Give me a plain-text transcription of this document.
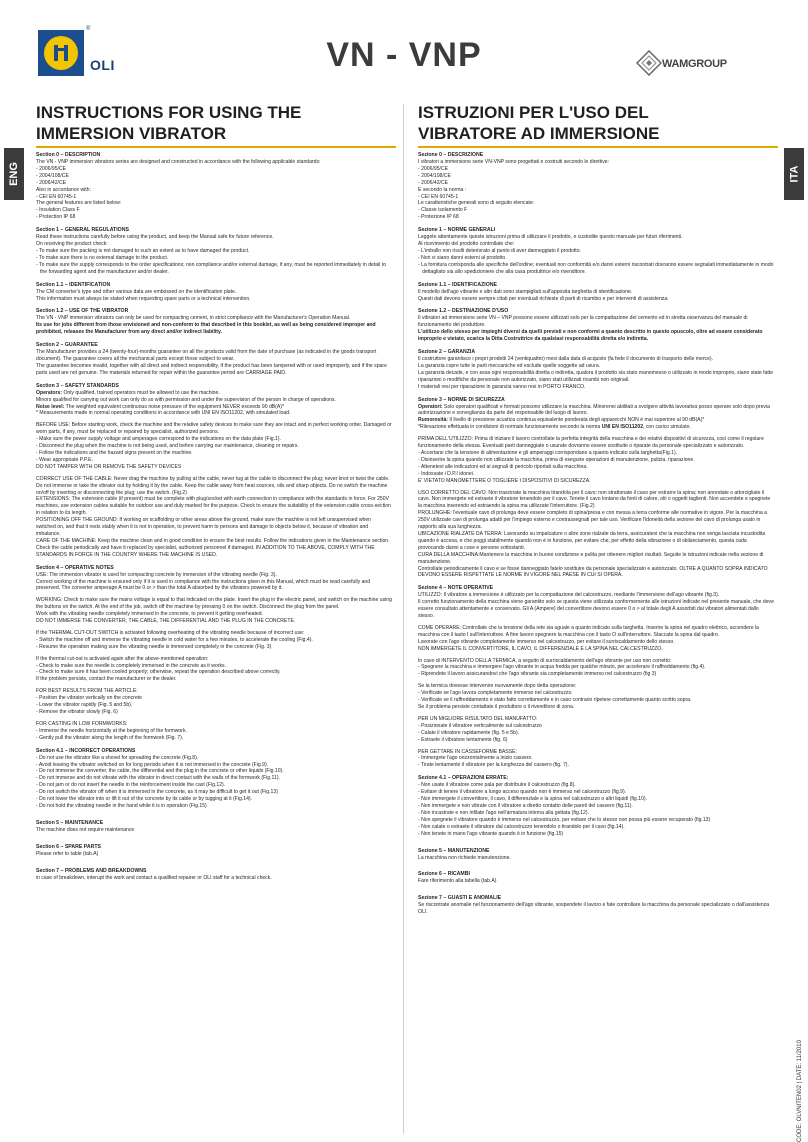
®
OLI	VN - VNP	WAMGROUP
INSTRUCTIONS FOR USING THE
IMMERSION VIBRATOR
ISTRUZIONI PER L'USO DEL
VIBRATORE AD IMMERSIONE
ENG	ITA
Section 0 – DESCRIPTION

The VN - VNP immersion vibrators series are designed and constructed in accordance with the following applicable standards:

- 2006/95/CE
- 2004/108/CE
- 2006/42/CE

Also in accordance with:

- CEI EN 60745-1

The general features are listed below:

- Insulation Class F
- Protection IP 68
Section 1 – GENERAL REGULATIONS

Read these instructions carefully before using the product, and keep the Manual safe for future reference.

On receiving the product check:

- To make sure the packing is not damaged to such an extent as to have damaged the product.
- To make sure there is no external damage to the product.
- To make sure the supply corresponds to the order specifications; non compliance and/or external damage, if any, must be reported immediately in detail to the forwarding agent and the manufacturer and/or dealer.
Section 1.1 – IDENTIFICATION

The CM converter's type and other various data are embossed on the identification plate.

This information must always be stated when requesting spare parts or a technical intervention.

Section 1.2 – USE OF THE VIBRATOR

The VN - VNP immersion vibrators can only be used for compacting cement, in strict compliance with the Manufacturer's Operation Manual.

Its use for jobs different from those envisioned and non-conform to that described in this booklet, as well as being considered improper and prohibited, releases the Manufacturer from any direct and/or indirect liability.

Section 2 – GUARANTEE

The Manufacturer provides a 24 (twenty-four)-months guarantee on all the products valid from the date of purchase (as indicated in the goods transport document). The guarantee covers all the mechanical parts except those subject to wear.

The guarantee becomes invalid, together with all direct and indirect responsibility, if the product has been tampered with or used improperly, and if the spare parts used are not genuine. The materials returned for repair within the guarantee period are CARRIAGE PAID.

Section 3 – SAFETY STANDARDS

Operators: Only qualified, trained operators must be allowed to use the machine.

Minors qualified for carrying out work can only do so with permission and under the supervision of the person in charge of operations.

Noise level: The weighted equivalent continuous noise pressure of the equipment NEVER exceeds 90 dB(A)*

* Measurements made in normal operating conditions in accordance with UNI EN ISO11202, with simulated load.

BEFORE USE: Before starting work, check the machine and the relative safety devices to make sure they are intact and in perfect working order. Damaged or worn parts, if any, must be replaced or repaired by specialist, authorized persons.

- Make sure the power supply voltage and amperages correspond to the indications on the data plate (Fig.1).
- Disconnect the plug when the machine is not being used, and before carrying our maintenance, cleaning or repairs.
- Follow the indications and the hazard signs present on the machine.
- Wear appropriate P.P.E.

DO NOT TAMPER WITH OR REMOVE THE SAFETY DEVICES

CORRECT USE OF THE CABLE: Never drag the machine by pulling at the cable, never tug at the cable to disconnect the plug; never knot or twist the cable. Do not immerse or take the vibrator out by holding it by the cable. Keep the cable away from heat sources, oils and sharp objects. Do no switch the machine on/off by inserting or disconnecting the plug; use the switch. (Fig.2)

EXTENSIONS: The extension cable (if present) must be complete with plug/socket with earth connection in compliance with the standards in force. For 250V machines, use extension cables suitable for outdoor use and duly marked for the purpose. Check to ensure the suitability of the extension cable cross-section in relation to its length.

POSITIONING OFF THE GROUND: If working on scaffolding or other areas above the ground, make sure the machine is not left unsupervised when switched on, and that it rests stably when it is not in operation, to prevent harm to persons and damage to objects below it, because of vibration and imbalance.

CARE OF THE MACHINE: Keep the machine clean and in good condition to ensure the best results. Follow the indications given in the Maintenance section. Check the cable periodically and have it replaced by specialist, authorized personnel if damaged. IN ADDITION TO THE ABOVE, COMPLY WITH THE STANDARDS IN FORCE IN THE COUNTRY WHERE THE MACHINE IS USED.

Section 4 – OPERATIVE NOTES

USE: The immersion vibrator is used for compacting concrete by immersion of the vibrating needle (Fig. 3).

Correct working of the machine is ensured only if it is used in compliance with the instructions given in this Manual, which must be read carefully and preserved. The converter amperage A must be 0 or > than the total A absorbed by the vibrators powered by it.

WORKING: Check to make sure the mains voltage is equal to that indicated on the plate. Insert the plug in the electric panel, and switch on the machine using the buttons on the switch. At the end of the job, switch off the machine by pressing 0 on the switch. Disconnect the plug from the panel.

Work with the vibrating needle completely immersed in the concrete, to prevent it getting overheated.

DO NOT IMMERSE THE CONVERTER, THE CABLE, THE DIFFERENTIAL AND THE PLUG IN THE CONCRETE.

If the THERMAL CUT-OUT SWITCH is activated following overheating of the vibrating needle because of incorrect use:

- Switch the machine off and immerse the vibrating needle in cold water for a few minutes, to accelerate the cooling (Fig.4).
- Resume the operation making sure the vibrating needle is immersed completely in the concrete (Fig. 3)

If the thermal cut-out is activated again after the above-mentioned operation:

- Check to make sure the needle is completely immersed in the concrete as it works.
- Check to make sure it has been cooled properly; otherwise, repeat the operation described above correctly.

If the problem persists, contact the manufacturer or the dealer.

FOR BEST RESULTS FROM THE ARTICLE:

- Position the vibrator vertically on the concrete
- Lower the vibrator rapidly (Fig. 5 and 5b).
- Remove the vibrator slowly (Fig. 6)

FOR CASTING IN LOW FORMWORKS:

- Immerse the needle horizontally at the beginning of the formwork.
- Gently pull the vibrator along the length of the formwork (Fig. 7).
Section 4.1 – INCORRECT OPERATIONS
- Do not use the vibrator like a shovel for spreading the concrete (Fig.8).
- Avoid leaving the vibrator switched on for long periods when it is not immersed in the concrete (Fig.9).
- Do not immerse the converter, the cable, the differential and the plug in the concrete or other liquids (Fig.10).
- Do not immerse and do not vibrate with the vibrator in direct contact with the walls of the formwork (Fig.11).
- Do not jam or do not insert the needle in the reinforcement inside the cast (Fig.12).
- Do not switch the vibrator off when it is immersed in the concrete, as it may be difficult to get it out (Fig.13)
- Do not lower the vibrator into or lift it out of the concrete by its cable or by tugging at it (Fig.14).
- Do not hold the vibrating needle in the hand while it is in operation (Fig.15)
Section 5 – MAINTENANCE

The machine does not require maintenance

Section 6 – SPARE PARTS

Please refer to table (tab.A)

Section 7 – PROBLEMS AND BREAKDOWNS

in case of breakdown, interupt the work and contact a qualified repairer or OLI staff for a technical check.

Sezione 0 – DESCRIZIONE

I vibratori a immersione serie VN-VNP sono progettati e costruiti secondo le direttive:

- 2006/95/CE
- 2004/108/CE
- 2006/42/CE

E secondo la norma :

- CEI EN 60745-1

Le caratteristiche generali sono di seguito elencate:

- Classe isolamento F
- Protezione IP 68
Sezione 1 – NORME GENERALI

Leggete attentamente queste istruzioni prima di utilizzare il prodotto, e custodite questo manuale per futuri riferimenti.

Al ricevimento del prodotto controllate che:

- L'imballo non risulti deteriorato al punto di aver danneggiato il prodotto.
- Non vi siano danni esterni al prodotto.
- La fornitura corrisponda alle specifiche dell'ordine; eventuali non conformità e/o danni esterni riscontrati dovranno essere segnalati immediatamente in modo dettagliato sia allo spedizioniere che alla casa produttrice e/o rivenditore.
Sezione 1.1 – IDENTIFICAZIONE

Il modello dell'ago vibrante e altri dati sono stampigliati sull'apposita targhetta di identificazione.

Questi dati devono essere sempre citati per eventuali richieste di parti di ricambio e per interventi di assistenza.

Sezione 1.2 – DESTINAZIONE D'USO

Il vibratori ad immersione serie VN – VNP possono essere utilizzati solo per la compattazione del cemento ed in stretta osservanza del manuale di funzionamento del produttore.

L'utilizzo dello stesso per impieghi diversi da quelli previsti e non conformi a quanto descritto in questo opuscolo, oltre ad essere considerato improprio e vietato, scarica la Ditta Costruttrice da qualsiasi responsabilità diretta e/o indiretta.

Sezione 2 – GARANZIA

Il costruttore garantisce i propri prodotti 24 (ventiquattro) mesi dalla data di acquisto (fa fede il documento di trasporto delle merce).

La garanzia copre tutte le parti meccaniche ed esclude quelle soggette ad usura.

La garanzia decade, e con essa ogni responsabilità diretta o indiretta, qualora il prodotto sia stato manomesso o utilizzato in modo improprio, siano state fatte riparazioni o modifiche da personale non autorizzato, siano stati utilizzati ricambi non originali.

I materiali resi per riparazione in garanzia vanno resi in PORTO FRANCO.

Sezione 3 – NORME DI SICUREZZA

Operatori: Solo operatori qualificati e formati possono utilizzare la macchina. Minorenni abilitati a svolgere attività lavorativa posso operare solo dopo previa autorizzazione e sorveglianza da parte del responsabile del luogo di lavoro.

Rumorosità: Il livello di pressione acustica continua equivalente ponderata degli apparecchi NON è mai superiore ai 90 dB(A)*

*Rilevazione effettuata in condizioni di normale funzionamento secondo la norma UNI EN ISO11202, con carico simulato.

PRIMA DELL'UTILIZZO: Prima di iniziare il lavoro controllate la perfetta integrità della macchina e dei relativi dispositivi di sicurezza, così come il regolare funzionamento della stessa. Eventuali parti danneggiate o usurate dovranno essere sostituite o riparate da personale specializzato e autorizzato.

- Accertarsi che la tensione di alimentazione e gli amperaggi corrispondano a quanto indicato sulla targhetta(Fig.1).
- Disinserire la spina quando non utilizzate la macchina, prima di eseguire operazioni di manutenzione, pulizia, riparazione.
- Attenetevi alle indicazioni ed ai segnali di pericolo riportati sulla macchina.
- Indossate i D.P.I idonei.

E' VIETATO MANOMETTERE O TOGLIERE I DISPOSITIVI DI SICUREZZA.

USO CORRETTO DEL CAVO: Non trascinate la macchina tirandola per il cavo; non strattonate il cavo per estrarre la spina; non annodate o attorcigliate il cavo. Non immergete ed estraete il vibratore tenendolo per il cavo. Tenete il cavo lontano da fonti di calore, olii o oggetti taglienti. Non accendete e spegnete la macchina inserendo ed estraendo la spina ma utilizzate l'interruttore. (Fig.2)

PROLUNGHE: l'eventuale cavo di prolunga deve essere completo di spina/presa e con messa a terra conforme alle normative in vigore. Per la macchina a 250V utilizzate cavi di prolunga adatti per l'impiego esterno e contrassegnati per tale uso. Verificare l'idoneità della sezione del cavo di prolunga usato in rapporto alla sua lunghezza.

UBICAZIONE RIALZATE DA TERRA: Lavorando su impalcature o altre zone rialzate da terra, assicuratevi che la macchina non venga lasciata incustodita quando è accesa, e che poggi stabilmente quando non è in funzione, per evitare che, per effetto della vibrazione o di sbilanciamento, questa cada provocando danni a cose e persone sottostanti.

CURA DELLA MACCHINA:Mantenere la macchina in buone condizione e pulita per ottenere migliori risultati. Seguite le istruzioni indicate nella sezione di manutenzione.

Controllate periodicamente il cavo e se fosse danneggiato fatelo sostituire da personale specializzato e autorizzato. OLTRE A QUANTO SOPRA INDICATO DEVONO ESSERE RISPETTATE LE NORME IN VIGORE NEL PAESE IN CUI SI OPERA.

Sezione 4 – NOTE OPERATIVE

UTILIZZO: Il vibratore a immersione è utilizzato per la compattazione del calcestruzzo, mediante l'immersione dell'ago vibrante (fig.3).

Il corretto funzionamento della macchina viene garantito solo se questa viene utilizzata conformemente alle istruzioni indicate nel presente manuale, che deve essere consultato attentamente e conservato. Gli A (Ampere) del convertitore devono essere 0 o > al totale degli A assorbiti dai vibratori alimentati dallo stesso.

COME OPERARE: Controllate che la tensione della rete sia uguale a quanto indicato sulla targhetta. Inserire la spina nel quadro elettrico, accendere la macchina con il tasto I sull'interruttore. A fine lavoro spegnere la macchina con il tasto O sull'interruttore. Staccate la spina dal quadro.

Lavorate con l'ago vibrante completamente immerso nel calcestruzzo, per evitare il surriscaldamento dello stesso.

NON IMMERGETE IL CONVERTITORE, IL CAVO, IL DIFFERENZIALE E LA SPINA NEL CALCESTRUZZO.

In caso di INTERVENTO DELLA TERMICA, a seguito di surriscaldamento dell'ago vibrante per uso non corretto:

- Spegnere la macchina e immergere l'ago vibrante in acqua fredda per qualche minuto, per accelerare il raffreddamento (fig.4).
- Riprendete il lavoro assicurandovi che l'ago vibrante sia completamente immerso nel calcestruzzo (fig 3)

Se la termica dovesse intervenire nuovamente dopo detta operazione:

- Verificate se l'ago lavora completamente immerso nel calcestruzzo.
- Verificate se il raffreddamento è stato fatto correttamente e in caso contrario ripetere correttamente quanto scritto sopra.

Se il problema persiste contattate il produttore o il rivenditore di zona.

PER UN MIGLIORE RISULTATO DEL MANUFATTO:

- Posizionate il vibratore verticalmente sul calcestruzzo
- Calate il vibratore rapidamente (fig. 5 e 5b).
- Estraete il vibratore lentamente (fig. 6)

PER GETTARE IN CASSEFORME BASSE:

- Immergete l'ago orizzontalmente a inizio cassero.
- Tirate lentamente il vibratore per la lunghezza del cassero (fig. 7).
Sezione 4.1 – OPERAZIONI ERRATE:
- Non usate il vibratore come pala per distribuire il calcestruzzo (fig.8).
- Evitare di tenere il vibratore a lungo acceso quando non è immerso nel calcestruzzo (fig.9).
- Non immergete il convertitore, il cavo, il differenziale e la spina nel calcestruzzo o altri liquidi (fig.10).
- Non immergete e non vibrate con il vibratore a diretto contatto delle pareti del cassero (fig.11).
- Non incastrate e non infilate l'ago nell'armatura interna alla gettata (fig.12).
- Non spegnete il vibratore quando è immerso nel calcestruzzo, per evitare che lo stesso non possa più essere recuperato (fig.13)
- Non calate o estraete il vibratore dal calcestruzzo tenendolo o tirandolo per il cavo (fig.14).
- Non tenete in mano l'ago vibrante quando è in funzione (fig.15)
Sezione 5 – MANUTENZIONE

La macchina non richiede manutenzione.

Sezione 6 – RICAMBI

Fare riferimento alla tabella (tab.A)

Sezione 7 – GUASTI E ANOMALIE

Se riscontrate anomalie nel funzionamento dell'ago vibrante, sospendete il lavoro e fate controllare la macchina da personale specializzato o dall'assistenza OLI.

CODE: OLVNITEN02 | DATE: 11/2010
